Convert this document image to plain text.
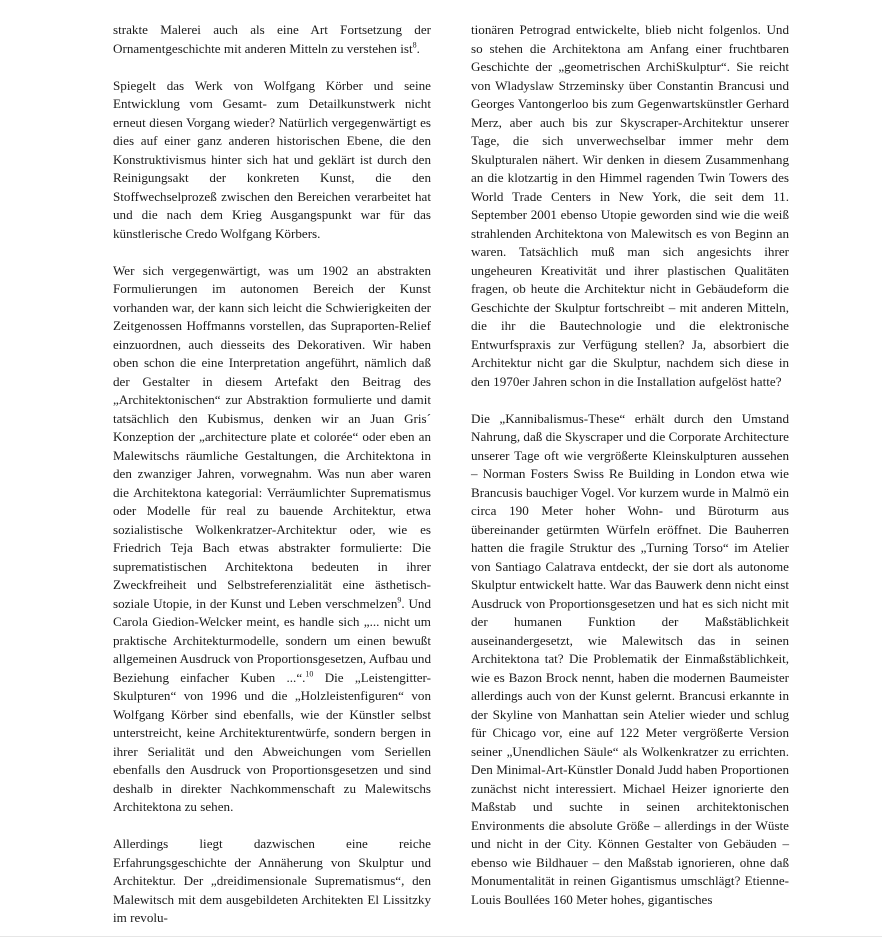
strakte Malerei auch als eine Art Fortsetzung der Ornamentgeschichte mit anderen Mitteln zu verstehen ist$^8$.

Spiegelt das Werk von Wolfgang Körber und seine Entwicklung vom Gesamt- zum Detailkunstwerk nicht erneut diesen Vorgang wieder? Natürlich vergegenwärtigt es dies auf einer ganz anderen historischen Ebene, die den Konstruktivismus hinter sich hat und geklärt ist durch den Reinigungsakt der konkreten Kunst, die den Stoffwechselprozeß zwischen den Bereichen verarbeitet hat und die nach dem Krieg Ausgangspunkt war für das künstlerische Credo Wolfgang Körbers.

Wer sich vergegenwärtigt, was um 1902 an abstrakten Formulierungen im autonomen Bereich der Kunst vorhanden war, der kann sich leicht die Schwierigkeiten der Zeitgenossen Hoffmanns vorstellen, das Supraporten-Relief einzuordnen, auch diesseits des Dekorativen. Wir haben oben schon die eine Interpretation angeführt, nämlich daß der Gestalter in diesem Artefakt den Beitrag des „Architektonischen“ zur Abstraktion formulierte und damit tatsächlich den Kubismus, denken wir an Juan Gris´ Konzeption der „architecture plate et colorée“ oder eben an Malewitschs räumliche Gestaltungen, die Architektona in den zwanziger Jahren, vorwegnahm. Was nun aber waren die Architektona kategorial: Verräumlichter Suprematismus oder Modelle für real zu bauende Architektur, etwa sozialistische Wolkenkratzer-Architektur oder, wie es Friedrich Teja Bach etwas abstrakter formulierte: Die suprematistischen Architektona bedeuten in ihrer Zweckfreiheit und Selbstreferenzialität eine ästhetisch-soziale Utopie, in der Kunst und Leben verschmelzen$^9$. Und Carola Giedion-Welcker meint, es handle sich „... nicht um praktische Architekturmodelle, sondern um einen bewußt allgemeinen Ausdruck von Proportionsgesetzen, Aufbau und Beziehung einfacher Kuben ...“.$^{10}$ Die „Leistengitter-Skulpturen“ von 1996 und die „Holzleistenfiguren“ von Wolfgang Körber sind ebenfalls, wie der Künstler selbst unterstreicht, keine Architekturentwürfe, sondern bergen in ihrer Serialität und den Abweichungen vom Seriellen ebenfalls den Ausdruck von Proportionsgesetzen und sind deshalb in direkter Nachkommenschaft zu Malewitschs Architektona zu sehen.

Allerdings liegt dazwischen eine reiche Erfahrungsgeschichte der Annäherung von Skulptur und Architektur. Der „dreidimensionale Suprematismus“, den Malewitsch mit dem ausgebildeten Architekten El Lissitzky im revolu-

tionären Petrograd entwickelte, blieb nicht folgenlos. Und so stehen die Architektona am Anfang einer fruchtbaren Geschichte der „geometrischen ArchiSkulptur“. Sie reicht von Wladyslaw Strzeminsky über Constantin Brancusi und Georges Vantongerloo bis zum Gegenwartskünstler Gerhard Merz, aber auch bis zur Skyscraper-Architektur unserer Tage, die sich unverwechselbar immer mehr dem Skulpturalen nähert. Wir denken in diesem Zusammenhang an die klotzartig in den Himmel ragenden Twin Towers des World Trade Centers in New York, die seit dem 11. September 2001 ebenso Utopie geworden sind wie die weiß strahlenden Architektona von Malewitsch es von Beginn an waren. Tatsächlich muß man sich angesichts ihrer ungeheuren Kreativität und ihrer plastischen Qualitäten fragen, ob heute die Architektur nicht in Gebäudeform die Geschichte der Skulptur fortschreibt – mit anderen Mitteln, die ihr die Bautechnologie und die elektronische Entwurfspraxis zur Verfügung stellen? Ja, absorbiert die Architektur nicht gar die Skulptur, nachdem sich diese in den 1970er Jahren schon in die Installation aufgelöst hatte?

Die „Kannibalismus-These“ erhält durch den Umstand Nahrung, daß die Skyscraper und die Corporate Architecture unserer Tage oft wie vergrößerte Kleinskulpturen aussehen – Norman Fosters Swiss Re Building in London etwa wie Brancusis bauchiger Vogel. Vor kurzem wurde in Malmö ein circa 190 Meter hoher Wohn- und Büroturm aus übereinander getürmten Würfeln eröffnet. Die Bauherren hatten die fragile Struktur des „Turning Torso“ im Atelier von Santiago Calatrava entdeckt, der sie dort als autonome Skulptur entwickelt hatte. War das Bauwerk denn nicht einst Ausdruck von Proportionsgesetzen und hat es sich nicht mit der humanen Funktion der Maßstäblichkeit auseinandergesetzt, wie Malewitsch das in seinen Architektona tat? Die Problematik der Einmaßstäblichkeit, wie es Bazon Brock nennt, haben die modernen Baumeister allerdings auch von der Kunst gelernt. Brancusi erkannte in der Skyline von Manhattan sein Atelier wieder und schlug für Chicago vor, eine auf 122 Meter vergrößerte Version seiner „Unendlichen Säule“ als Wolkenkratzer zu errichten. Den Minimal-Art-Künstler Donald Judd haben Proportionen zunächst nicht interessiert. Michael Heizer ignorierte den Maßstab und suchte in seinen architektonischen Environments die absolute Größe – allerdings in der Wüste und nicht in der City. Können Gestalter von Gebäuden – ebenso wie Bildhauer – den Maßstab ignorieren, ohne daß Monumentalität in reinen Gigantismus umschlägt? Etienne-Louis Boullées 160 Meter hohes, gigantisches
